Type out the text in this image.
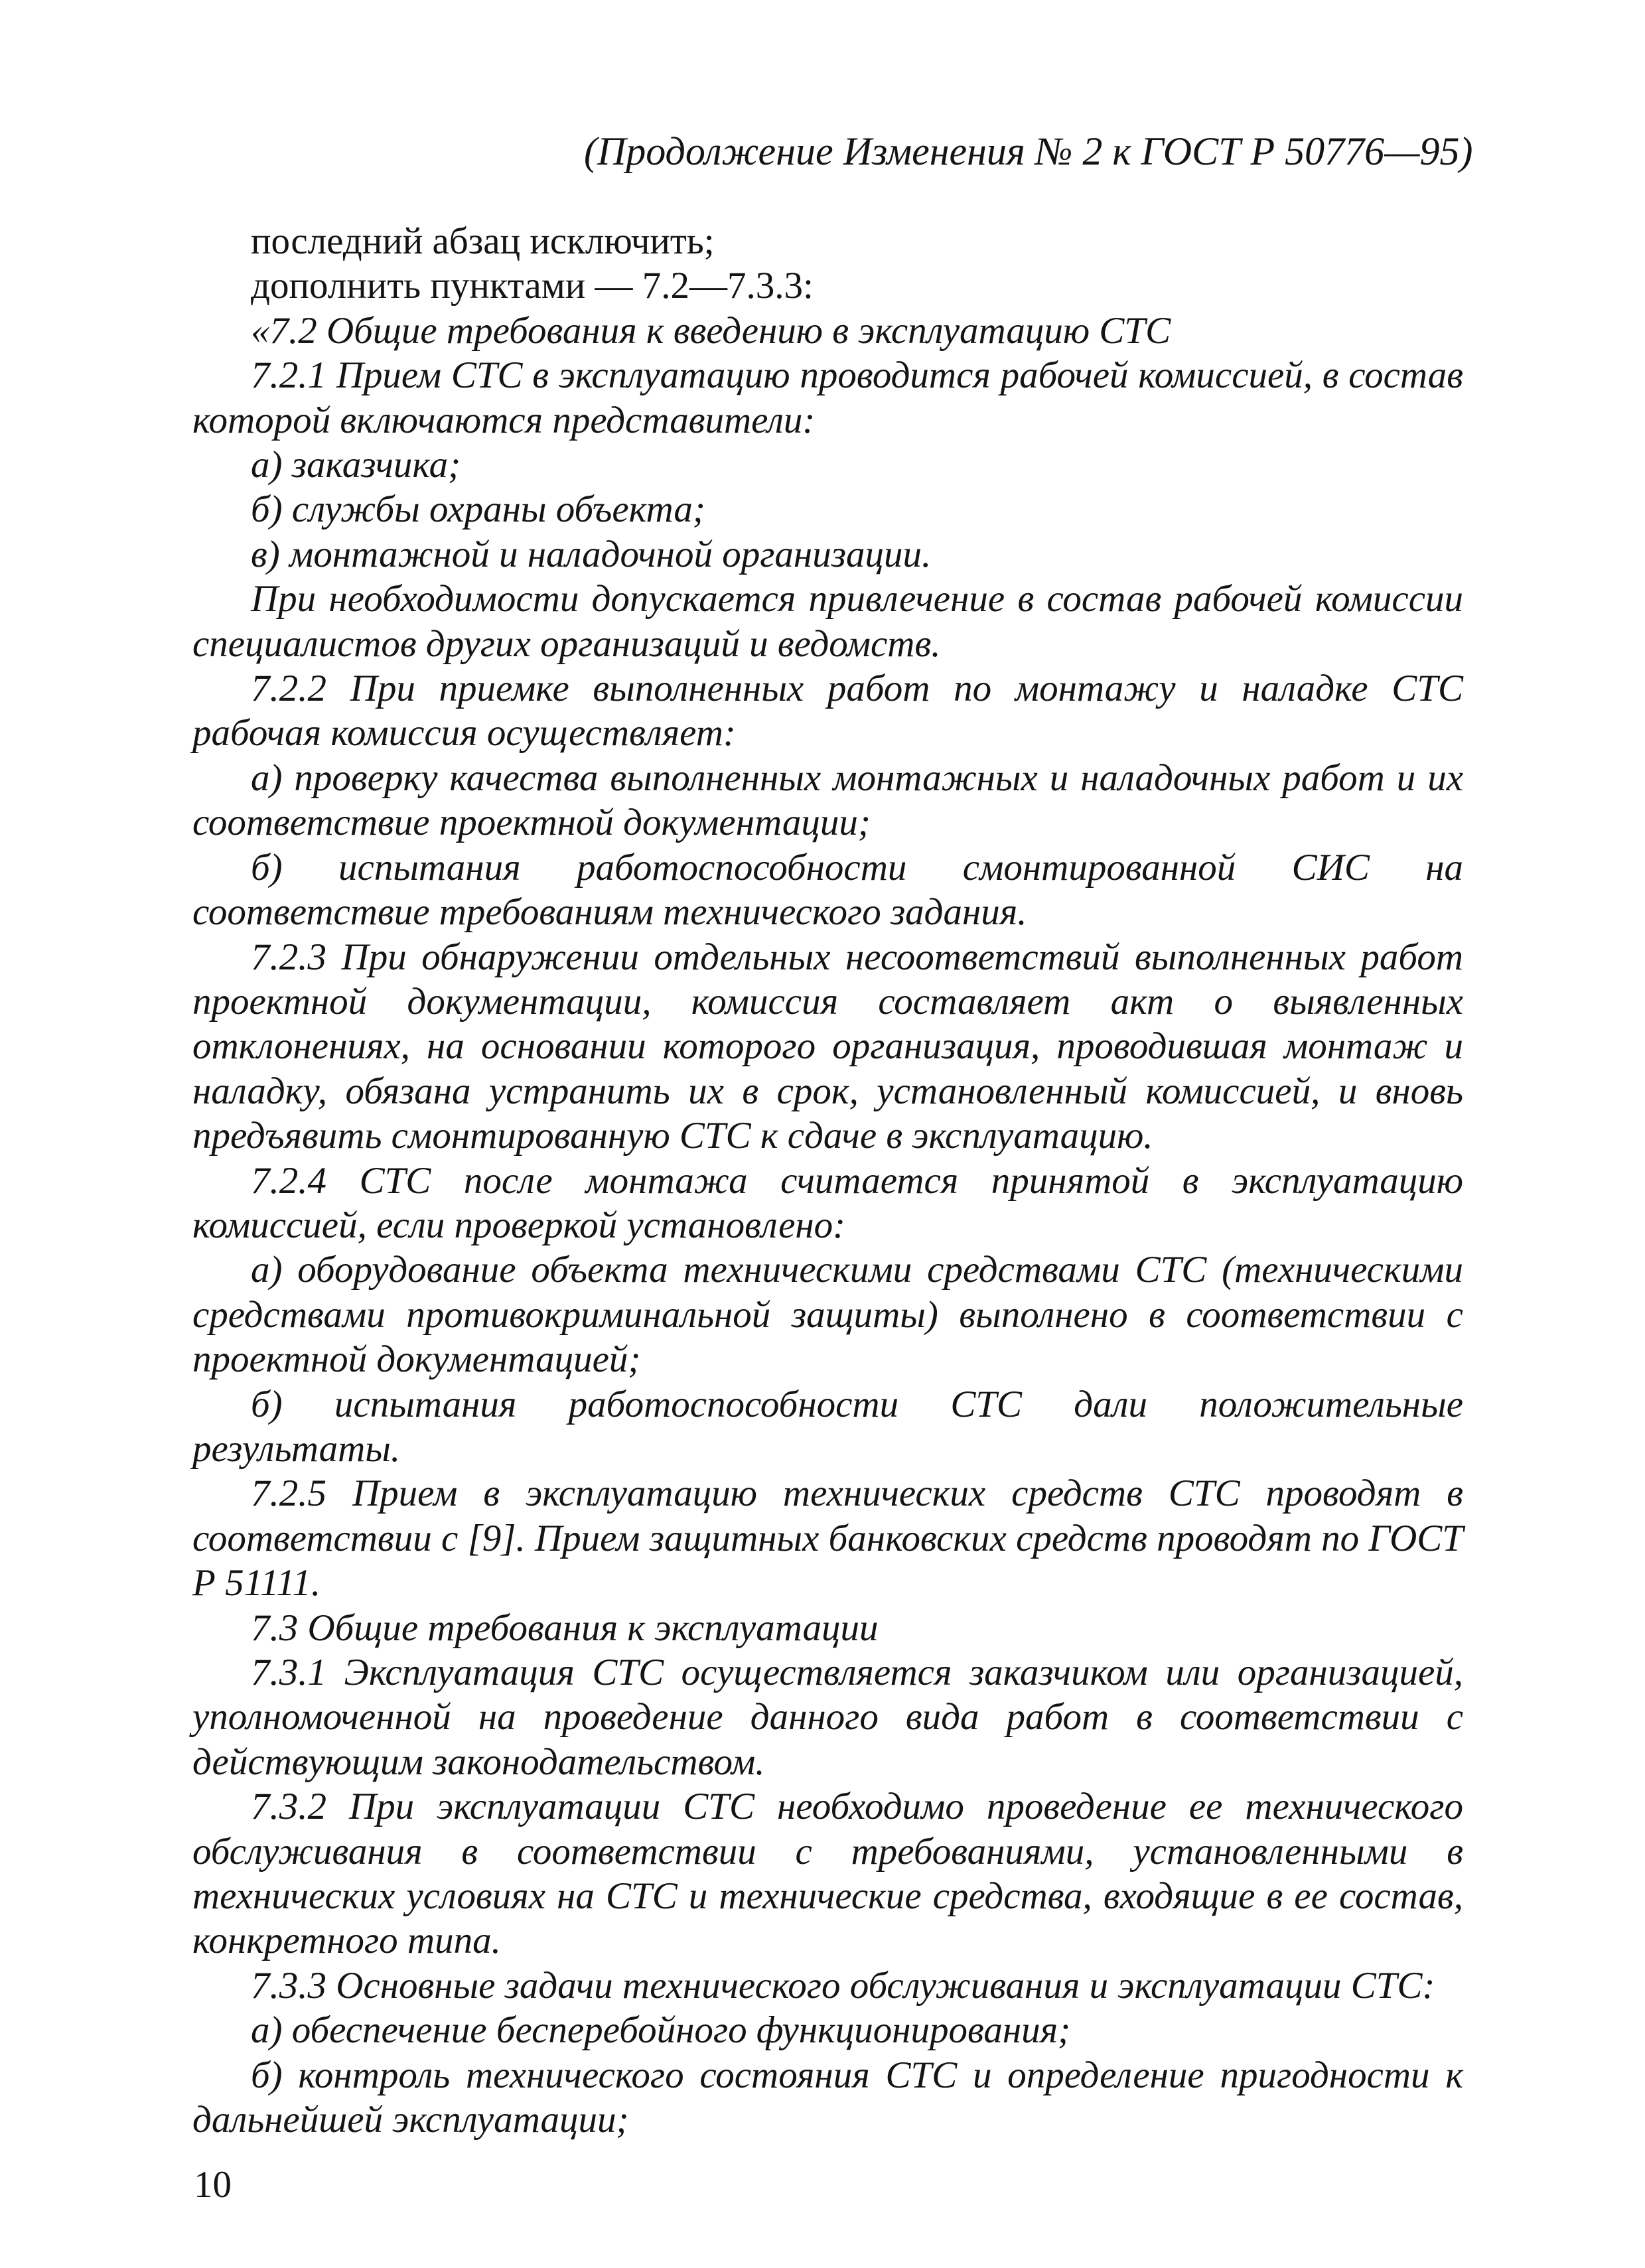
(Продолжение Изменения № 2 к ГОСТ Р 50776—95)

последний абзац исключить;

дополнить пунктами — 7.2—7.3.3:

«7.2 Общие требования к введению в эксплуатацию СТС

7.2.1 Прием СТС в эксплуатацию проводится рабочей комиссией, в состав которой включаются представители:

а) заказчика;

б) службы охраны объекта;

в) монтажной и наладочной организации.

При необходимости допускается привлечение в состав рабочей комиссии специалистов других организаций и ведомств.

7.2.2 При приемке выполненных работ по монтажу и наладке СТС рабочая комиссия осуществляет:

а) проверку качества выполненных монтажных и наладочных работ и их соответствие проектной документации;

б) испытания работоспособности смонтированной СИС на соответствие требованиям технического задания.

7.2.3 При обнаружении отдельных несоответствий выполненных работ проектной документации, комиссия составляет акт о выявленных отклонениях, на основании которого организация, проводившая монтаж и наладку, обязана устранить их в срок, установленный комиссией, и вновь предъявить смонтированную СТС к сдаче в эксплуатацию.

7.2.4 СТС после монтажа считается принятой в эксплуатацию комиссией, если проверкой установлено:

а) оборудование объекта техническими средствами СТС (техническими средствами противокриминальной защиты) выполнено в соответствии с проектной документацией;

б) испытания работоспособности СТС дали положительные результаты.

7.2.5 Прием в эксплуатацию технических средств СТС проводят в соответствии с [9]. Прием защитных банковских средств проводят по ГОСТ Р 51111.

7.3 Общие требования к эксплуатации

7.3.1 Эксплуатация СТС осуществляется заказчиком или организацией, уполномоченной на проведение данного вида работ в соответствии с действующим законодательством.

7.3.2 При эксплуатации СТС необходимо проведение ее технического обслуживания в соответствии с требованиями, установленными в технических условиях на СТС и технические средства, входящие в ее состав, конкретного типа.

7.3.3 Основные задачи технического обслуживания и эксплуатации СТС:

а) обеспечение бесперебойного функционирования;

б) контроль технического состояния СТС и определение пригодности к дальнейшей эксплуатации;

10
